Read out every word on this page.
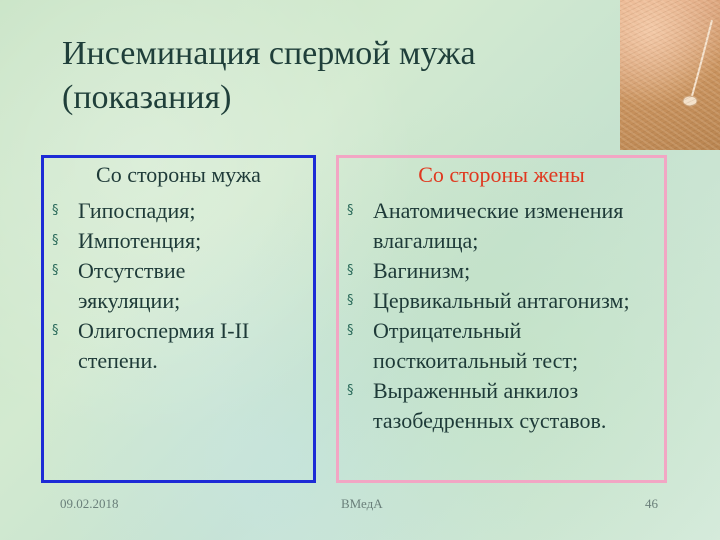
Инсеминация спермой мужа
(показания)
Со стороны мужа	Со стороны жены
§ Гипоспадия;
§ Импотенция;
§ Отсутствие эякуляции;
§ Олигоспермия I-II степени.
§ Анатомические изменения влагалища;
§ Вагинизм;
§ Цервикальный антагонизм;
§ Отрицательный посткоитальный тест;
§ Выраженный анкилоз тазобедренных суставов.
09.02.2018	ВМедА	46
